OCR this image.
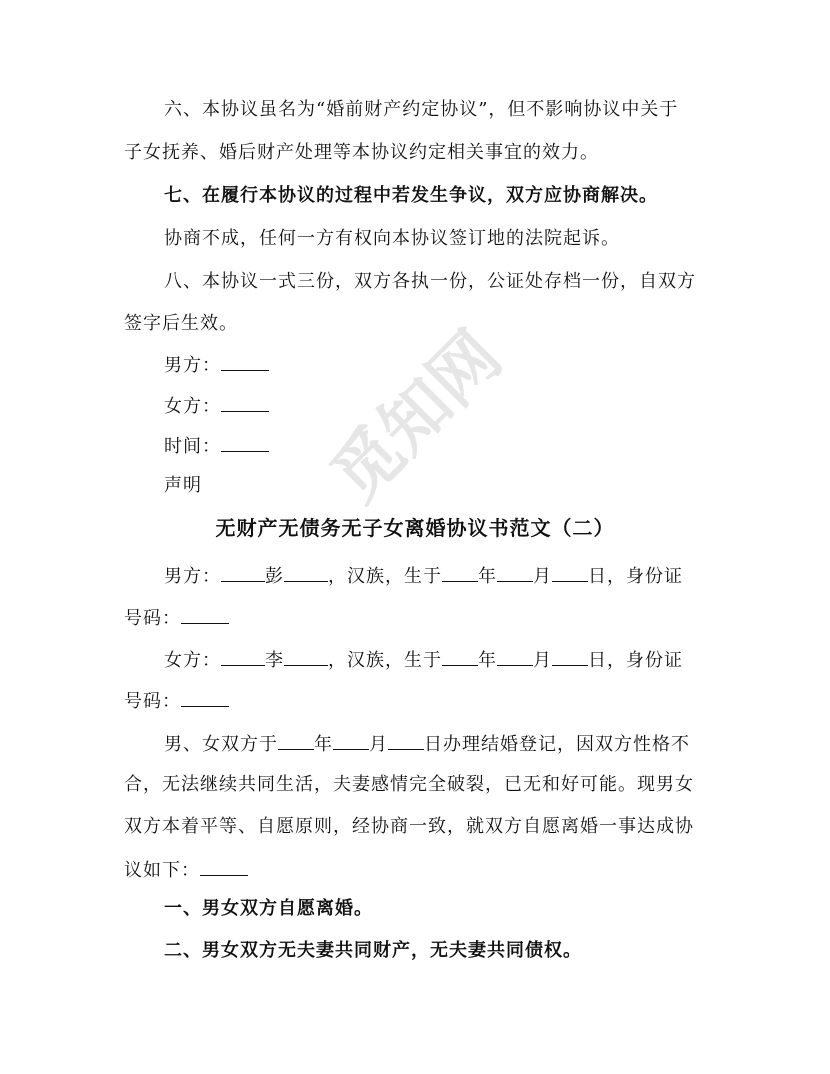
觅知网
六、本协议虽名为“婚前财产约定协议”，但不影响协议中关于
子女抚养、婚后财产处理等本协议约定相关事宜的效力。
七、在履行本协议的过程中若发生争议，双方应协商解决。
协商不成，任何一方有权向本协议签订地的法院起诉。
八、本协议一式三份，双方各执一份，公证处存档一份，自双方
签字后生效。
男方：
女方：
时间：
声明
无财产无债务无子女离婚协议书范文（二）
男方： 彭 ，汉族，生于 年 月 日，身份证
号码：
女方： 李 ，汉族，生于 年 月 日，身份证
号码：
男、女双方于 年 月 日办理结婚登记，因双方性格不
合，无法继续共同生活，夫妻感情完全破裂，已无和好可能。现男女
双方本着平等、自愿原则，经协商一致，就双方自愿离婚一事达成协
议如下：
一、男女双方自愿离婚。
二、男女双方无夫妻共同财产，无夫妻共同债权。
